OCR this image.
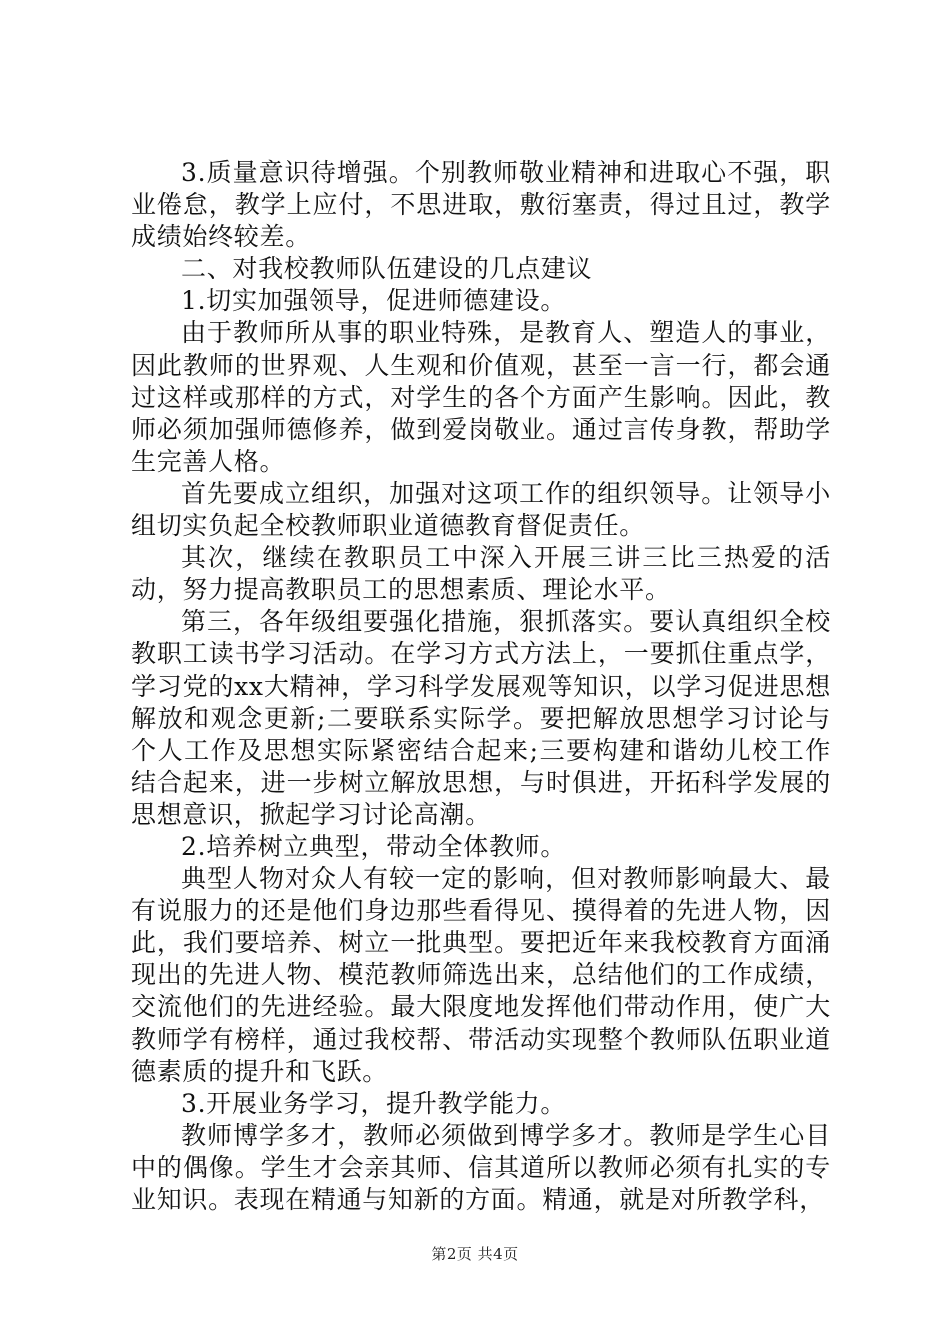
3.质量意识待增强。个别教师敬业精神和进取心不强，职业倦怠，教学上应付，不思进取，敷衍塞责，得过且过，教学成绩始终较差。

二、对我校教师队伍建设的几点建议

1.切实加强领导，促进师德建设。

由于教师所从事的职业特殊，是教育人、塑造人的事业，因此教师的世界观、人生观和价值观，甚至一言一行，都会通过这样或那样的方式，对学生的各个方面产生影响。因此，教师必须加强师德修养，做到爱岗敬业。通过言传身教，帮助学生完善人格。

首先要成立组织，加强对这项工作的组织领导。让领导小组切实负起全校教师职业道德教育督促责任。

其次，继续在教职员工中深入开展三讲三比三热爱的活动，努力提高教职员工的思想素质、理论水平。

第三，各年级组要强化措施，狠抓落实。要认真组织全校教职工读书学习活动。在学习方式方法上，一要抓住重点学，学习党的xx大精神，学习科学发展观等知识，以学习促进思想解放和观念更新;二要联系实际学。要把解放思想学习讨论与个人工作及思想实际紧密结合起来;三要构建和谐幼儿校工作结合起来，进一步树立解放思想，与时俱进，开拓科学发展的思想意识，掀起学习讨论高潮。

2.培养树立典型，带动全体教师。

典型人物对众人有较一定的影响，但对教师影响最大、最有说服力的还是他们身边那些看得见、摸得着的先进人物，因此，我们要培养、树立一批典型。要把近年来我校教育方面涌现出的先进人物、模范教师筛选出来，总结他们的工作成绩，交流他们的先进经验。最大限度地发挥他们带动作用，使广大教师学有榜样，通过我校帮、带活动实现整个教师队伍职业道德素质的提升和飞跃。

3.开展业务学习，提升教学能力。

教师博学多才，教师必须做到博学多才。教师是学生心目中的偶像。学生才会亲其师、信其道所以教师必须有扎实的专业知识。表现在精通与知新的方面。精通，就是对所教学科，

第2页 共4页
